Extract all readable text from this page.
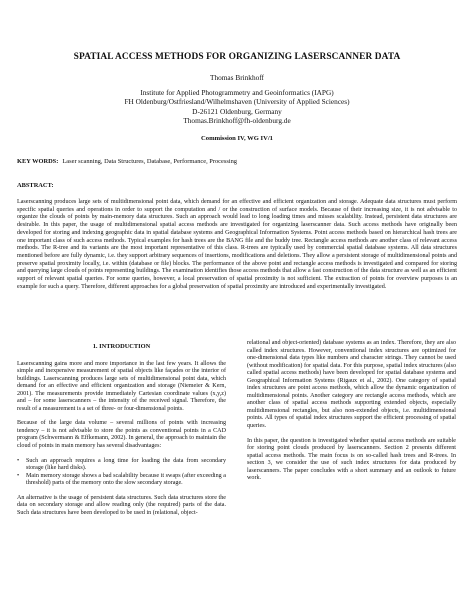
SPATIAL ACCESS METHODS FOR ORGANIZING LASERSCANNER DATA
Thomas Brinkhoff
Institute for Applied Photogrammetry and Geoinformatics (IAPG)
FH Oldenburg/Ostfriesland/Wilhelmshaven (University of Applied Sciences)
D-26121 Oldenburg, Germany
Thomas.Brinkhoff@fh-oldenburg.de
Commission IV, WG IV/1
KEY WORDS: Laser scanning, Data Structures, Database, Performance, Processing
ABSTRACT:
Laserscanning produces large sets of multidimensional point data, which demand for an effective and efficient organization and storage. Adequate data structures must perform specific spatial queries and operations in order to support the computation and / or the construction of surface models. Because of their increasing size, it is not advisable to organize the clouds of points by main-memory data structures. Such an approach would lead to long loading times and misses scalability. Instead, persistent data structures are desirable. In this paper, the usage of multidimensional spatial access methods are investigated for organizing laserscanner data. Such access methods have originally been developed for storing and indexing geographic data in spatial database systems and Geographical Information Systems. Point access methods based on hierarchical hash trees are one important class of such access methods. Typical examples for hash trees are the BANG file and the buddy tree. Rectangle access methods are another class of relevant access methods. The R-tree and its variants are the most important representative of this class. R-trees are typically used by commercial spatial database systems. All data structures mentioned before are fully dynamic, i.e. they support arbitrary sequences of insertions, modifications and deletions. They allow a persistent storage of multidimensional points and preserve spatial proximity locally, i.e. within (database or file) blocks. The performance of the above point and rectangle access methods is investigated and compared for storing and querying large clouds of points representing buildings. The examination identifies those access methods that allow a fast construction of the data structure as well as an efficient support of relevant spatial queries. For some queries, however, a local preservation of spatial proximity is not sufficient. The extraction of points for overview purposes is an example for such a query. Therefore, different approaches for a global preservation of spatial proximity are introduced and experimentally investigated.
1. INTRODUCTION

Laserscanning gains more and more importance in the last few years. It allows the simple and inexpensive measurement of spatial objects like façades or the interior of buildings. Laserscanning produces large sets of multidimensional point data, which demand for an effective and efficient organization and storage (Niemeier & Kern, 2001). The measurements provide immediately Cartesian coordinate values (x,y,z) and – for some laserscanners – the intensity of the received signal. Therefore, the result of a measurement is a set of three- or four-dimensional points.

Because of the large data volume – several millions of points with increasing tendency – it is not advisable to store the points as conventional points in a CAD program (Schwermann & Effkemann, 2002). In general, the approach to maintain the cloud of points in main memory has several disadvantages:

• Such an approach requires a long time for loading the data from secondary storage (like hard disks).
• Main memory storage shows a bad scalability because it swaps (after exceeding a threshold) parts of the memory onto the slow secondary storage.

An alternative is the usage of persistent data structures. Such data structures store the data on secondary storage and allow reading only (the required) parts of the data. Such data structures have been developed to be used in (relational, object-

relational and object-oriented) database systems as an index. Therefore, they are also called index structures. However, conventional index structures are optimized for one-dimensional data types like numbers and character strings. They cannot be used (without modification) for spatial data. For this purpose, spatial index structures (also called spatial access methods) have been developed for spatial database systems and Geographical Information Systems (Rigaux et al., 2002). One category of spatial index structures are point access methods, which allow the dynamic organization of multidimensional points. Another category are rectangle access methods, which are another class of spatial access methods supporting extended objects, especially multidimensional rectangles, but also non-extended objects, i.e. multidimensional points. All types of spatial index structures support the efficient processing of spatial queries.

In this paper, the question is investigated whether spatial access methods are suitable for storing point clouds produced by laserscanners. Section 2 presents different spatial access methods. The main focus is on so-called hash trees and R-trees. In section 3, we consider the use of such index structures for data produced by laserscanners. The paper concludes with a short summary and an outlook to future work.
